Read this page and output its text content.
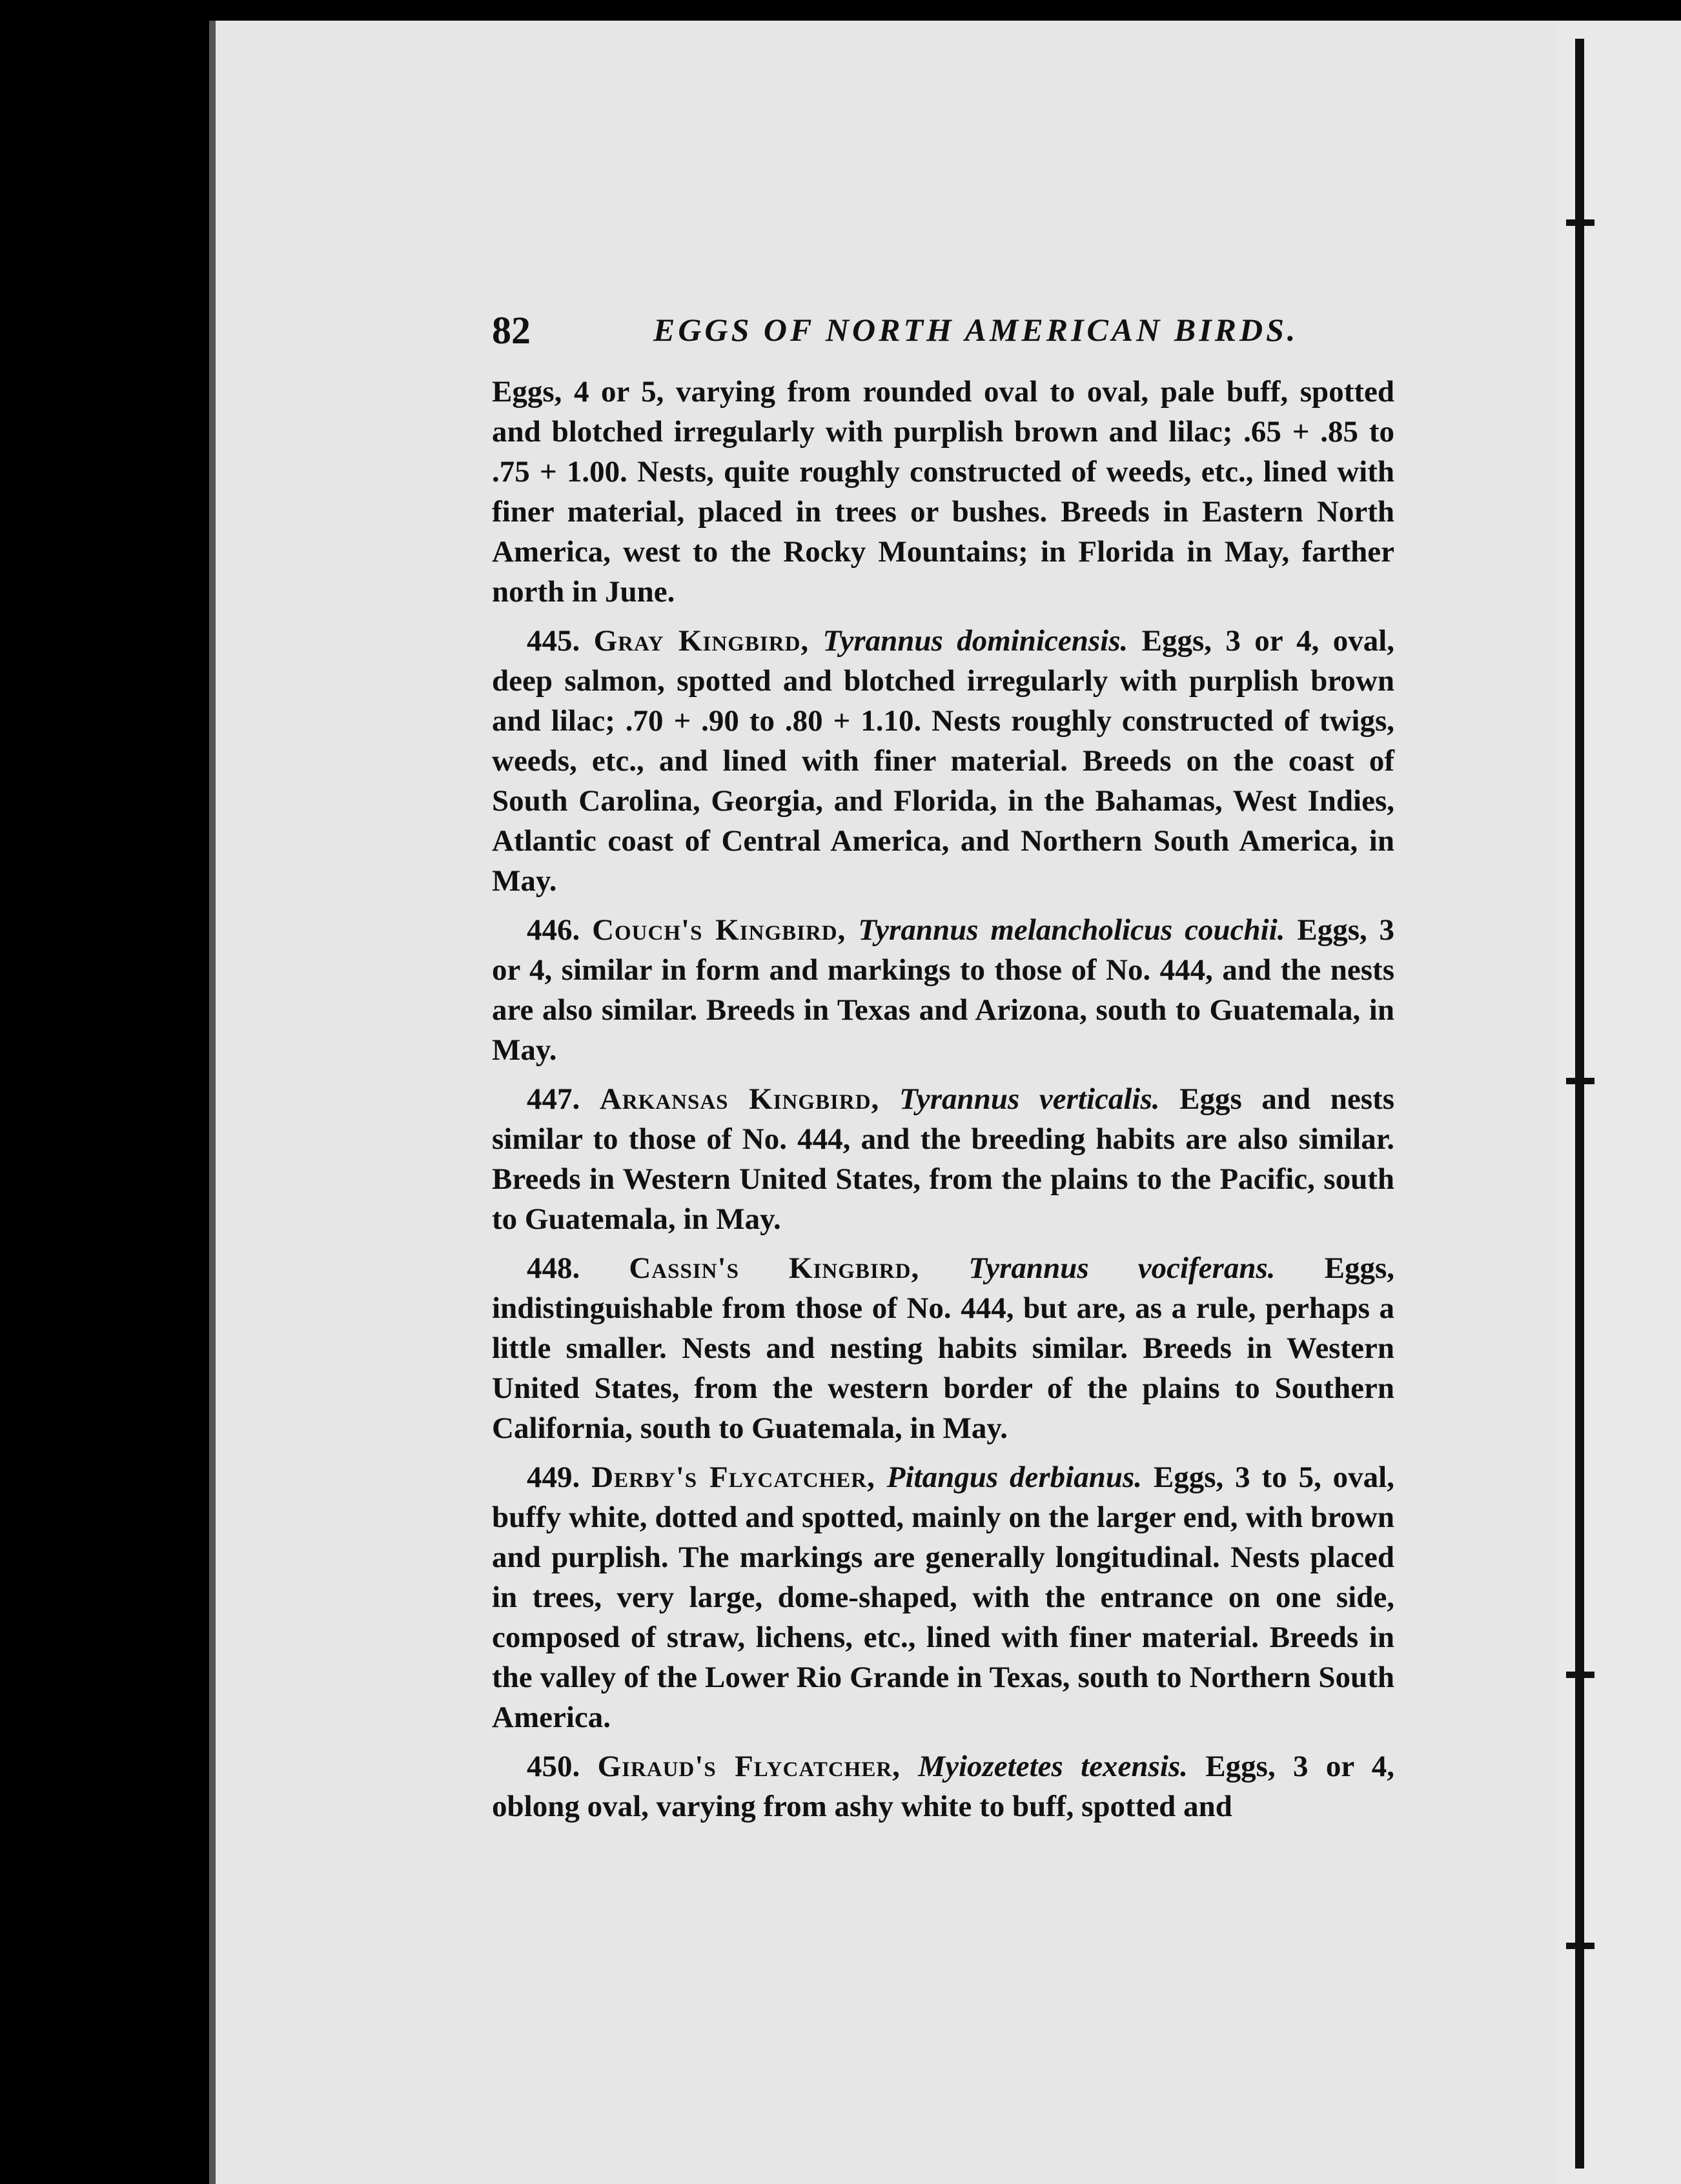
82	EGGS OF NORTH AMERICAN BIRDS.

Eggs, 4 or 5, varying from rounded oval to oval, pale buff, spotted and blotched irregularly with purplish brown and lilac; .65 + .85 to .75 + 1.00. Nests, quite roughly constructed of weeds, etc., lined with finer material, placed in trees or bushes. Breeds in Eastern North America, west to the Rocky Mountains; in Florida in May, farther north in June.

445. Gray Kingbird, Tyrannus dominicensis. Eggs, 3 or 4, oval, deep salmon, spotted and blotched irregularly with purplish brown and lilac; .70 + .90 to .80 + 1.10. Nests roughly constructed of twigs, weeds, etc., and lined with finer material. Breeds on the coast of South Carolina, Georgia, and Florida, in the Bahamas, West Indies, Atlantic coast of Central America, and Northern South America, in May.

446. Couch's Kingbird, Tyrannus melancholicus couchii. Eggs, 3 or 4, similar in form and markings to those of No. 444, and the nests are also similar. Breeds in Texas and Arizona, south to Guatemala, in May.

447. Arkansas Kingbird, Tyrannus verticalis. Eggs and nests similar to those of No. 444, and the breeding habits are also similar. Breeds in Western United States, from the plains to the Pacific, south to Guatemala, in May.

448. Cassin's Kingbird, Tyrannus vociferans. Eggs, indistinguishable from those of No. 444, but are, as a rule, perhaps a little smaller. Nests and nesting habits similar. Breeds in Western United States, from the western border of the plains to Southern California, south to Guatemala, in May.

449. Derby's Flycatcher, Pitangus derbianus. Eggs, 3 to 5, oval, buffy white, dotted and spotted, mainly on the larger end, with brown and purplish. The markings are generally longitudinal. Nests placed in trees, very large, dome-shaped, with the entrance on one side, composed of straw, lichens, etc., lined with finer material. Breeds in the valley of the Lower Rio Grande in Texas, south to Northern South America.

450. Giraud's Flycatcher, Myiozetetes texensis. Eggs, 3 or 4, oblong oval, varying from ashy white to buff, spotted and
